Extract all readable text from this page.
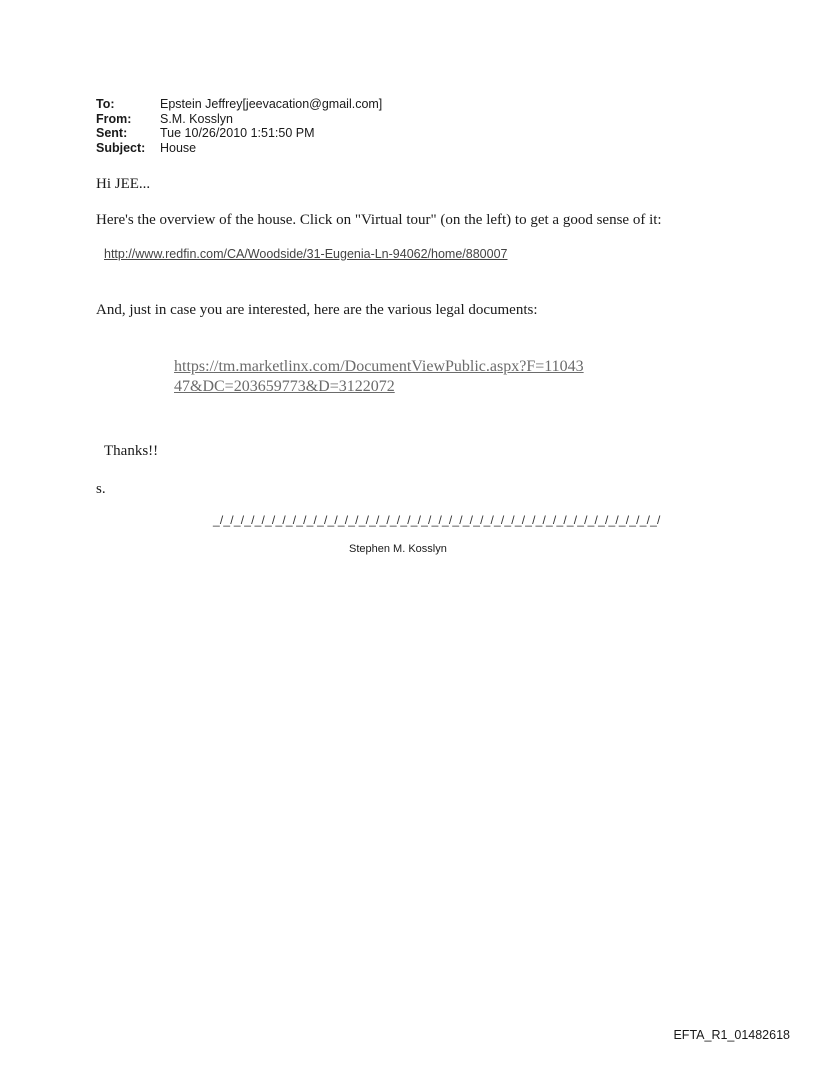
To:	Epstein Jeffrey[jeevacation@gmail.com]
From:	S.M. Kosslyn
Sent:	Tue 10/26/2010 1:51:50 PM
Subject:	House
Hi JEE...
Here's the overview of the house. Click on "Virtual tour" (on the left) to get a good sense of it:
http://www.redfin.com/CA/Woodside/31-Eugenia-Ln-94062/home/880007
And, just in case you are interested, here are the various legal documents:
https://tm.marketlinx.com/DocumentViewPublic.aspx?F=11043
47&DC=203659773&D=3122072
Thanks!!
s.
_/_/_/_/_/_/_/_/_/_/_/_/_/_/_/_/_/_/_/_/_/_/_/_/_/_/_/_/_/_/_/_/_/_/_/_/_/_/_/_/_/_/_/
Stephen M. Kosslyn
EFTA_R1_01482618
